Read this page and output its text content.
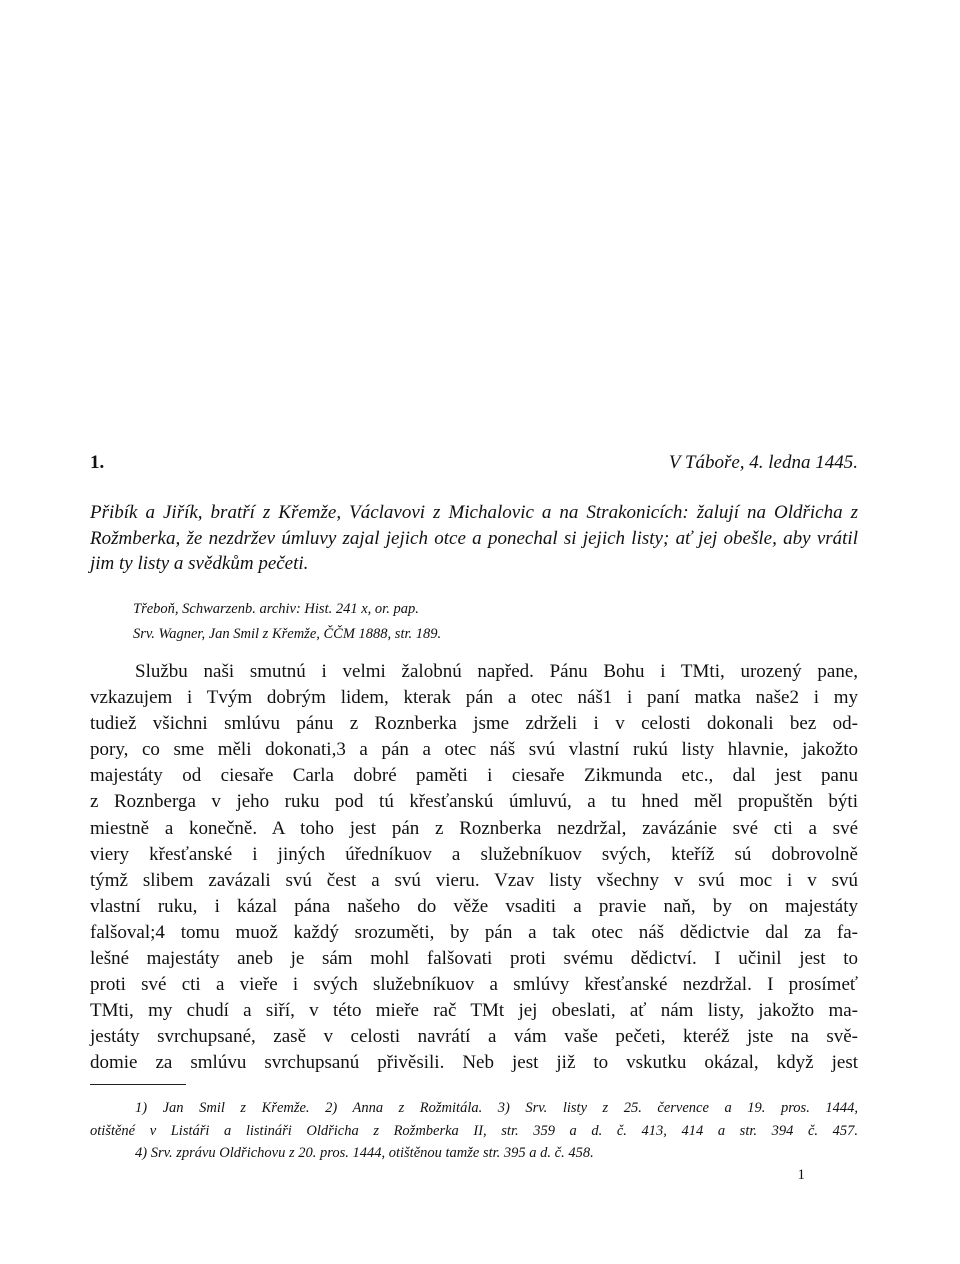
1.	V Táboře, 4. ledna 1445.

Přibík a Jiřík, bratří z Křemže, Václavovi z Michalovic a na Strakonicích: žalují na Oldřicha z Rožmberka, že nezdržev úmluvy zajal jejich otce a ponechal si jejich listy; ať jej obešle, aby vrátil jim ty listy a svědkům pečeti.

Třeboň, Schwarzenb. archiv: Hist. 241 x, or. pap.
Srv. Wagner, Jan Smil z Křemže, ČČM 1888, str. 189.
Službu naši smutnú i velmi žalobnú napřed. Pánu Bohu i TMti, urozený pane,
vzkazujem i Tvým dobrým lidem, kterak pán a otec náš1 i paní matka naše2 i my
tudiež všichni smlúvu pánu z Roznberka jsme zdrželi i v celosti dokonali bez od-
pory, co sme měli dokonati,3 a pán a otec náš svú vlastní rukú listy hlavnie, jakožto
majestáty od ciesaře Carla dobré paměti i ciesaře Zikmunda etc., dal jest panu
z Roznberga v jeho ruku pod tú křesťanskú úmluvú, a tu hned měl propuštěn býti
miestně a konečně. A toho jest pán z Roznberka nezdržal, zavázánie své cti a své
viery křesťanské i jiných úředníkuov a služebníkuov svých, kteříž sú dobrovolně
týmž slibem zavázali svú čest a svú vieru. Vzav listy všechny v svú moc i v svú
vlastní ruku, i kázal pána našeho do věže vsaditi a pravie naň, by on majestáty
falšoval;4 tomu muož každý srozuměti, by pán a tak otec náš dědictvie dal za fa-
lešné majestáty aneb je sám mohl falšovati proti svému dědictví. I učinil jest to
proti své cti a vieře i svých služebníkuov a smlúvy křesťanské nezdržal. I prosímeť
TMti, my chudí a siří, v této mieře rač TMt jej obeslati, ať nám listy, jakožto ma-
jestáty svrchupsané, zasě v celosti navrátí a vám vaše pečeti, kteréž jste na svě-
domie za smlúvu svrchupsanú přivěsili. Neb jest již to vskutku okázal, když jest
1) Jan Smil z Křemže. 2) Anna z Rožmitála. 3) Srv. listy z 25. července a 19. pros. 1444,
otištěné v Listáři a listináři Oldřicha z Rožmberka II, str. 359 a d. č. 413, 414 a str. 394 č. 457.
4) Srv. zprávu Oldřichovu z 20. pros. 1444, otištěnou tamže str. 395 a d. č. 458.
1
